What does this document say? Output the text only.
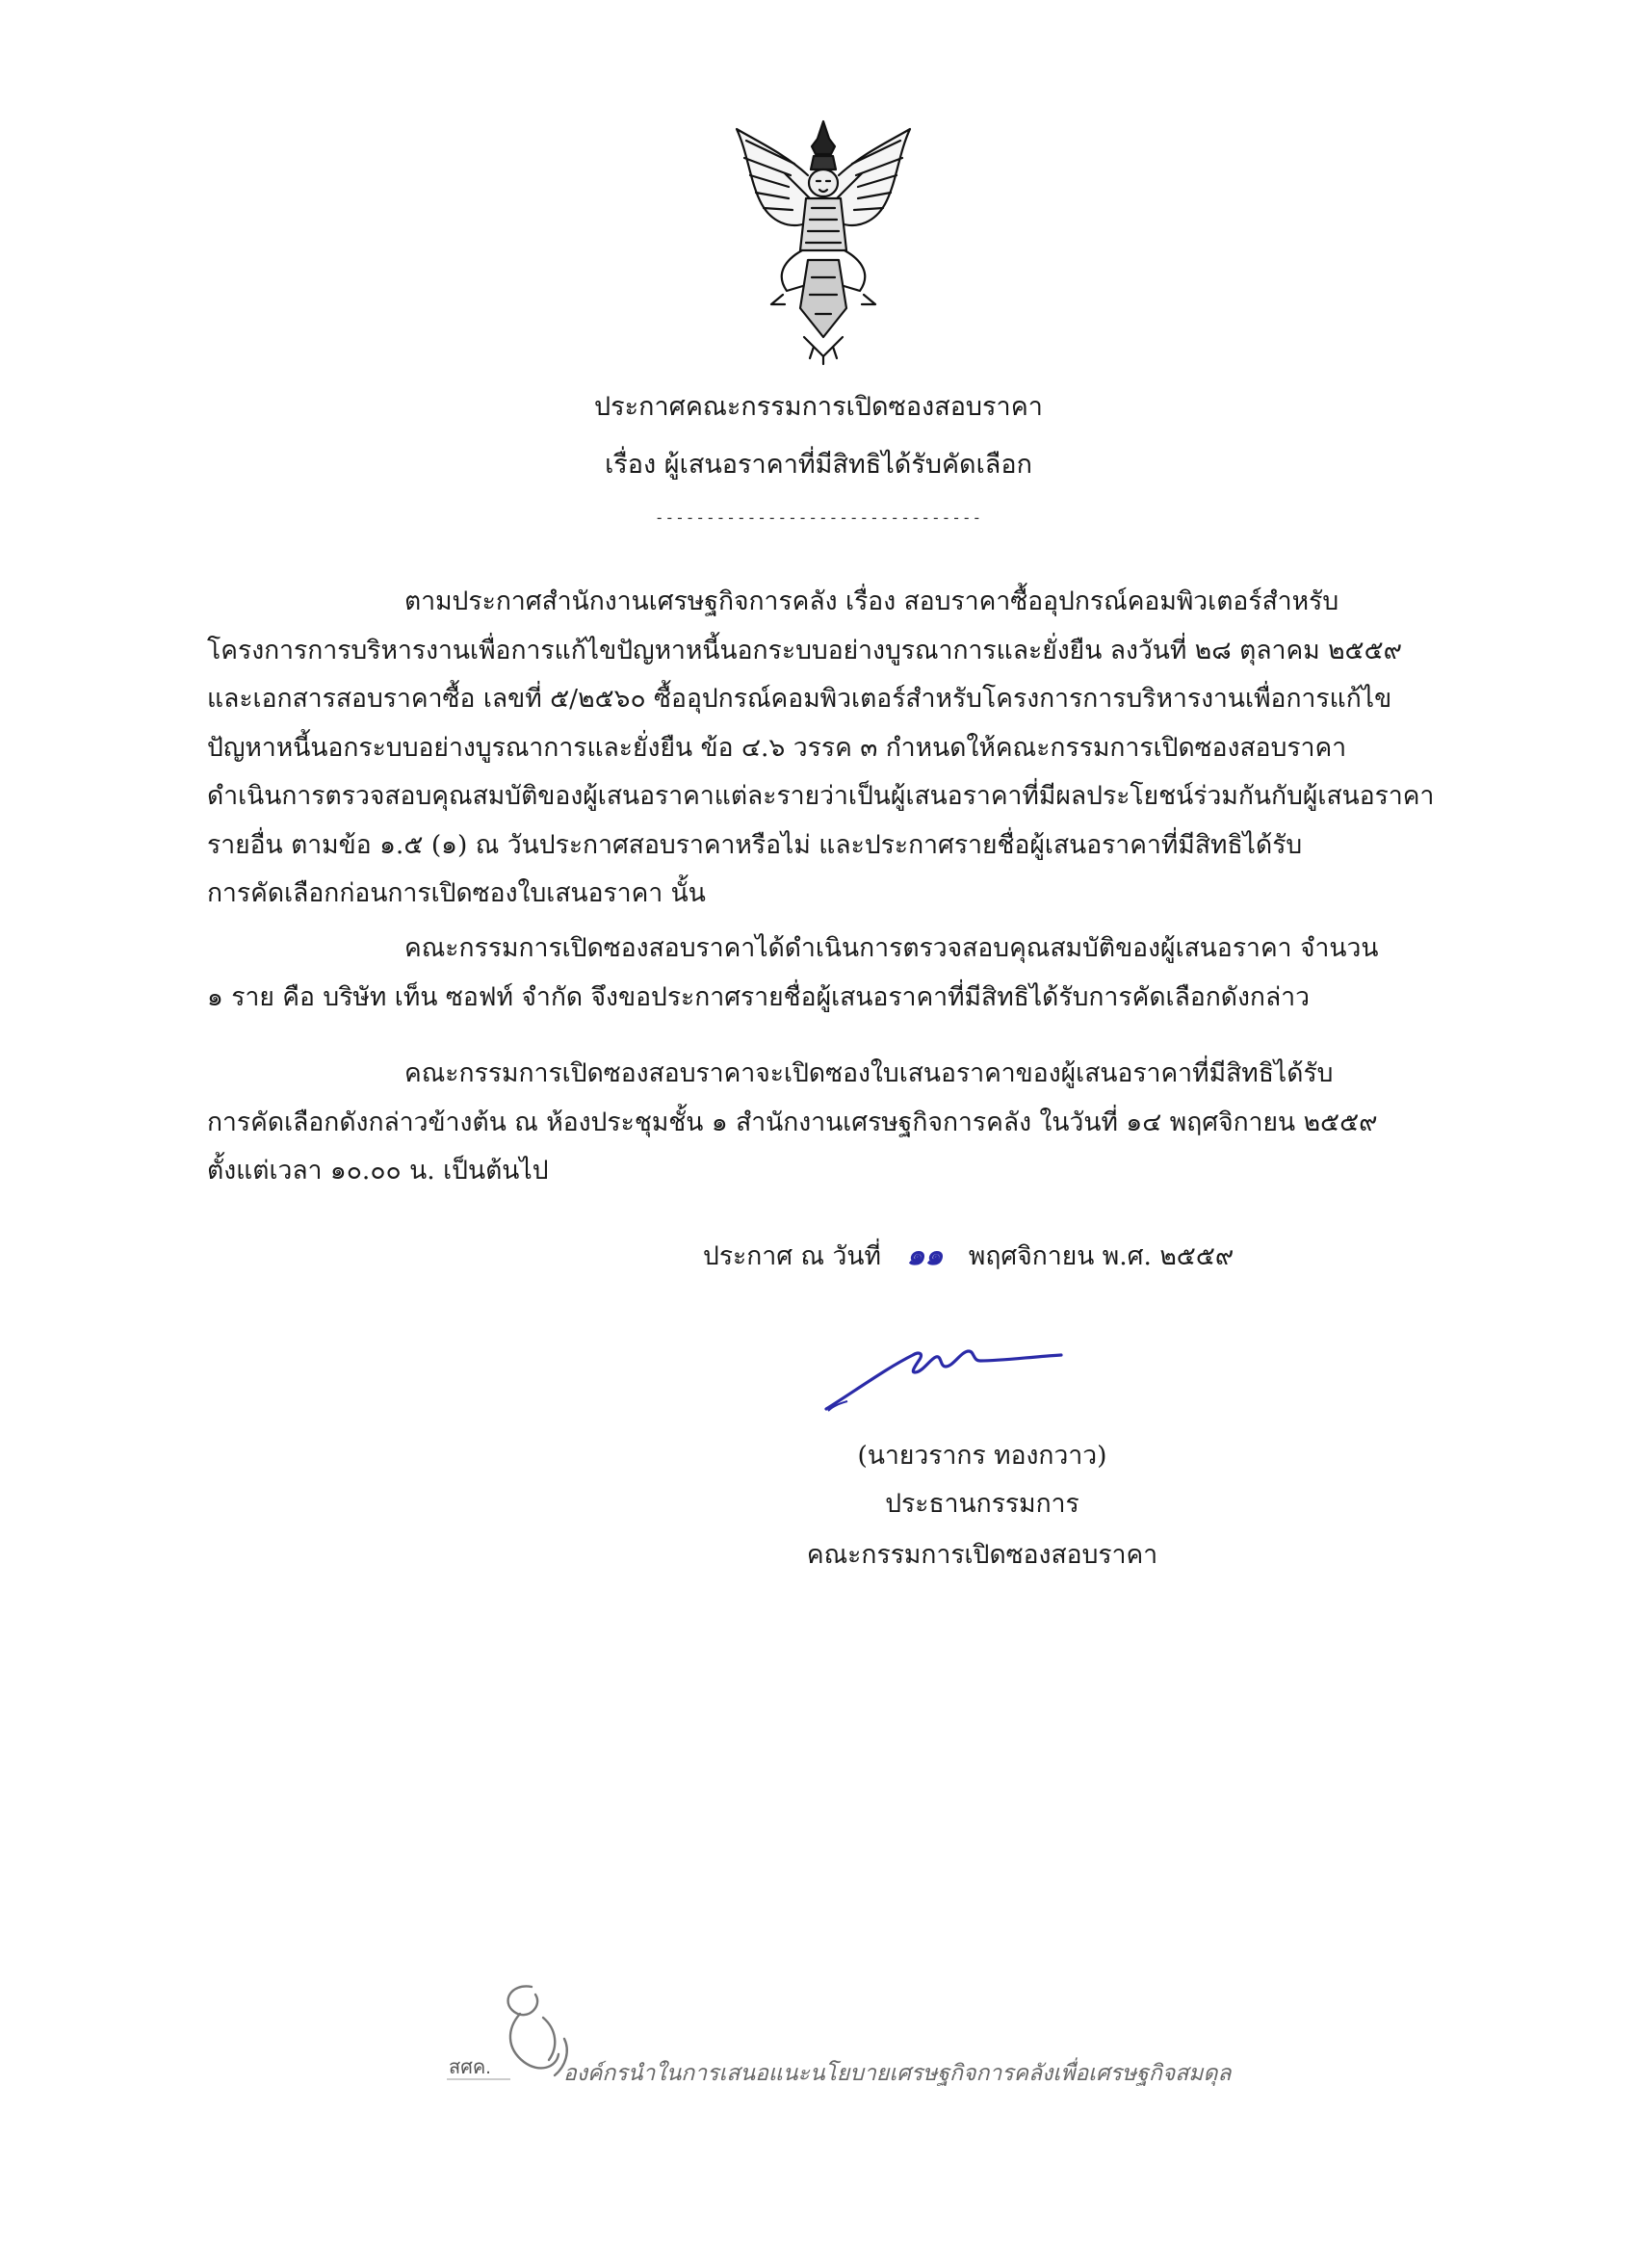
ประกาศคณะกรรมการเปิดซองสอบราคา
เรื่อง ผู้เสนอราคาที่มีสิทธิได้รับคัดเลือก
--------------------------------
ตามประกาศสำนักงานเศรษฐกิจการคลัง เรื่อง สอบราคาซื้ออุปกรณ์คอมพิวเตอร์สำหรับ
โครงการการบริหารงานเพื่อการแก้ไขปัญหาหนี้นอกระบบอย่างบูรณาการและยั่งยืน ลงวันที่ ๒๘ ตุลาคม ๒๕๕๙
และเอกสารสอบราคาซื้อ เลขที่ ๕/๒๕๖๐ ซื้ออุปกรณ์คอมพิวเตอร์สำหรับโครงการการบริหารงานเพื่อการแก้ไข
ปัญหาหนี้นอกระบบอย่างบูรณาการและยั่งยืน ข้อ ๔.๖ วรรค ๓ กำหนดให้คณะกรรมการเปิดซองสอบราคา
ดำเนินการตรวจสอบคุณสมบัติของผู้เสนอราคาแต่ละรายว่าเป็นผู้เสนอราคาที่มีผลประโยชน์ร่วมกันกับผู้เสนอราคา
รายอื่น ตามข้อ ๑.๕ (๑) ณ วันประกาศสอบราคาหรือไม่ และประกาศรายชื่อผู้เสนอราคาที่มีสิทธิได้รับ
การคัดเลือกก่อนการเปิดซองใบเสนอราคา นั้น
คณะกรรมการเปิดซองสอบราคาได้ดำเนินการตรวจสอบคุณสมบัติของผู้เสนอราคา จำนวน
๑ ราย คือ บริษัท เท็น ซอฟท์ จำกัด จึงขอประกาศรายชื่อผู้เสนอราคาที่มีสิทธิได้รับการคัดเลือกดังกล่าว
คณะกรรมการเปิดซองสอบราคาจะเปิดซองใบเสนอราคาของผู้เสนอราคาที่มีสิทธิได้รับ
การคัดเลือกดังกล่าวข้างต้น ณ ห้องประชุมชั้น ๑ สำนักงานเศรษฐกิจการคลัง ในวันที่ ๑๔ พฤศจิกายน ๒๕๕๙
ตั้งแต่เวลา ๑๐.๐๐ น. เป็นต้นไป
ประกาศ ณ วันที่ ๑๑ พฤศจิกายน พ.ศ. ๒๕๕๙
(นายวรากร ทองกวาว)
ประธานกรรมการ
คณะกรรมการเปิดซองสอบราคา
สศค.	องค์กรนำในการเสนอแนะนโยบายเศรษฐกิจการคลังเพื่อเศรษฐกิจสมดุล
